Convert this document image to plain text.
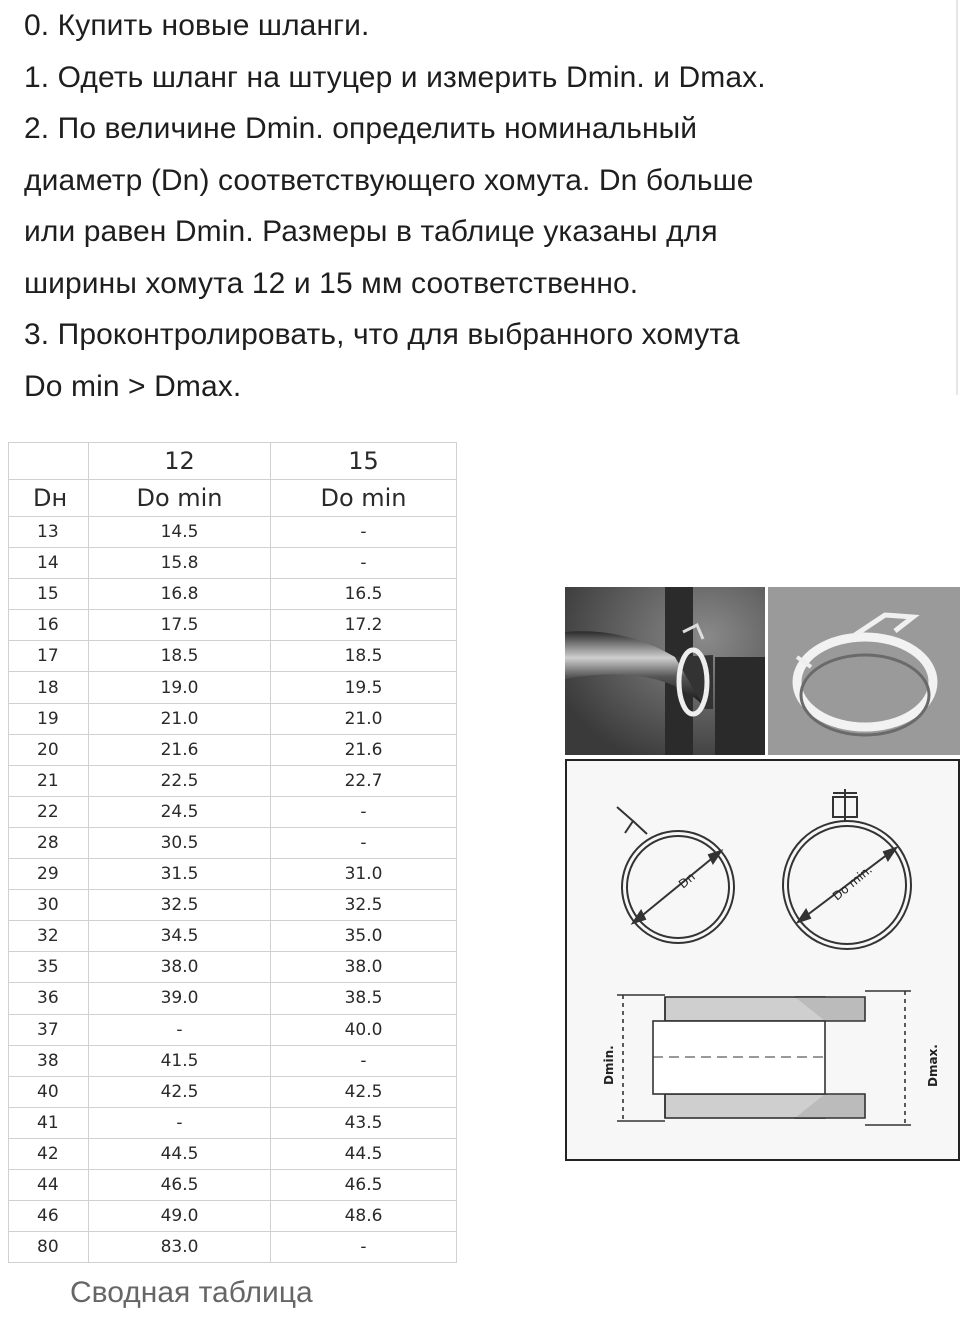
0. Купить новые шланги.

1. Одеть шланг на штуцер и измерить Dmin. и Dmax.

2. По величине Dmin. определить номинальный

диаметр (Dn) соответствующего хомута. Dn больше

или равен Dmin. Размеры в таблице указаны для

ширины хомута 12 и 15 мм соответственно.

3. Проконтролировать, что для выбранного хомута

Do min > Dmax.

	12	15
Dн	Do min	Do min
13	14.5	-
14	15.8	-
15	16.8	16.5
16	17.5	17.2
17	18.5	18.5
18	19.0	19.5
19	21.0	21.0
20	21.6	21.6
21	22.5	22.7
22	24.5	-
28	30.5	-
29	31.5	31.0
30	32.5	32.5
32	34.5	35.0
35	38.0	38.0
36	39.0	38.5
37	-	40.0
38	41.5	-
40	42.5	42.5
41	-	43.5
42	44.5	44.5
44	46.5	46.5
46	49.0	48.6
80	83.0	-
Dn	Do min.
Dmin.	Dmax.
Сводная таблица
